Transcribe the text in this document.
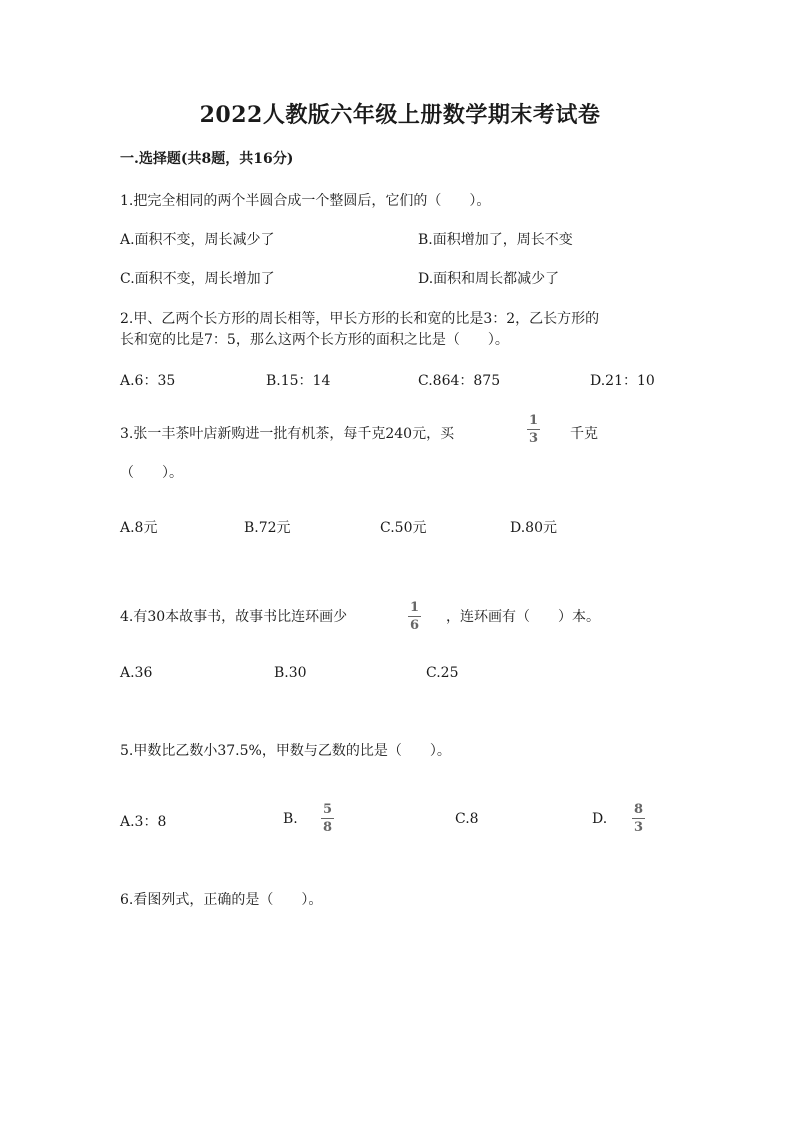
2022人教版六年级上册数学期末考试卷
一.选择题(共8题，共16分)
1.把完全相同的两个半圆合成一个整圆后，它们的（　　）。
A.面积不变，周长减少了	B.面积增加了，周长不变
C.面积不变，周长增加了	D.面积和周长都减少了
2.甲、乙两个长方形的周长相等，甲长方形的长和宽的比是3：2，乙长方形的
长和宽的比是7：5，那么这两个长方形的面积之比是（　　）。
A.6：35	B.15：14	C.864：875	D.21：10
3.张一丰茶叶店新购进一批有机茶，每千克240元，买	$\frac{1}{3}$ 千克
（　　）。
A.8元	B.72元	C.50元	D.80元
4.有30本故事书，故事书比连环画少	$\frac{1}{6}$ ，连环画有（　　）本。
A.36	B.30	C.25
5.甲数比乙数小37.5%，甲数与乙数的比是（　　）。
A.3：8	B. $\frac{5}{8}$	C.8	D. $\frac{8}{3}$
6.看图列式，正确的是（　　）。
